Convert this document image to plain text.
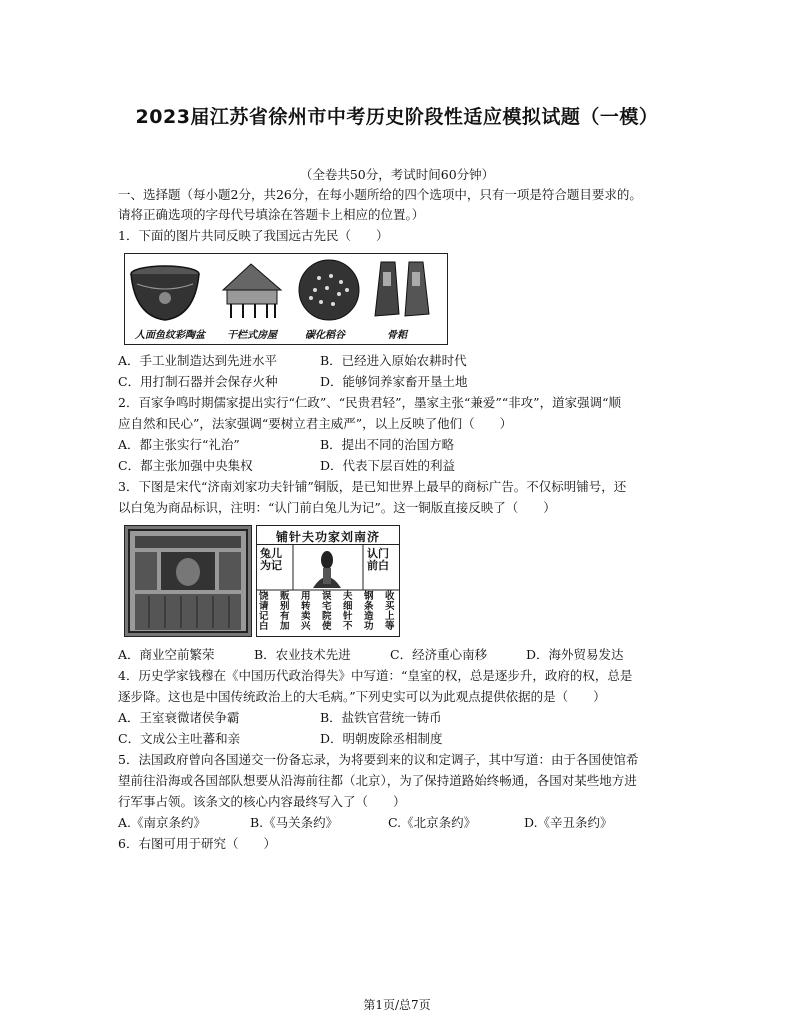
2023届江苏省徐州市中考历史阶段性适应模拟试题（一模）
（全卷共50分，考试时间60分钟）
一、选择题（每小题2分，共26分，在每小题所给的四个选项中，只有一项是符合题目要求的。
请将正确选项的字母代号填涂在答题卡上相应的位置。）
1．下面的图片共同反映了我国远古先民（　　）
人面鱼纹彩陶盆 干栏式房屋	碳化稻谷	骨耜
A．手工业制造达到先进水平	B．已经进入原始农耕时代
C．用打制石器并会保存火种	D．能够饲养家畜开垦土地
2．百家争鸣时期儒家提出实行“仁政”、“民贵君轻”，墨家主张“兼爱”“非攻”，道家强调“顺
应自然和民心”，法家强调“要树立君主威严”，以上反映了他们（　　）
A．都主张实行“礼治”	B．提出不同的治国方略
C．都主张加强中央集权	D．代表下层百姓的利益
3．下图是宋代“济南刘家功夫针铺”铜版，是已知世界上最早的商标广告。不仅标明铺号，还
以白兔为商品标识，注明：“认门前白兔儿为记”。这一铜版直接反映了（　　）
铺针夫功家刘南济
兔儿为记
认门前白
收买上等
钢条造功
夫细针不
误宅院使
用转卖兴
贩别有加
饶请记白
A．商业空前繁荣	B．农业技术先进	C．经济重心南移	D．海外贸易发达
4．历史学家钱穆在《中国历代政治得失》中写道：“皇室的权，总是逐步升，政府的权，总是
逐步降。这也是中国传统政治上的大毛病。”下列史实可以为此观点提供依据的是（　　）
A．王室衰微诸侯争霸	B．盐铁官营统一铸币
C．文成公主吐蕃和亲	D．明朝废除丞相制度
5．法国政府曾向各国递交一份备忘录，为将要到来的议和定调子，其中写道：由于各国使馆希
望前往沿海或各国部队想要从沿海前往都（北京），为了保持道路始终畅通，各国对某些地方进
行军事占领。该条文的核心内容最终写入了（　　）
A.《南京条约》	B.《马关条约》	C.《北京条约》	D.《辛丑条约》
6．右图可用于研究（　　）
第1页/总7页
